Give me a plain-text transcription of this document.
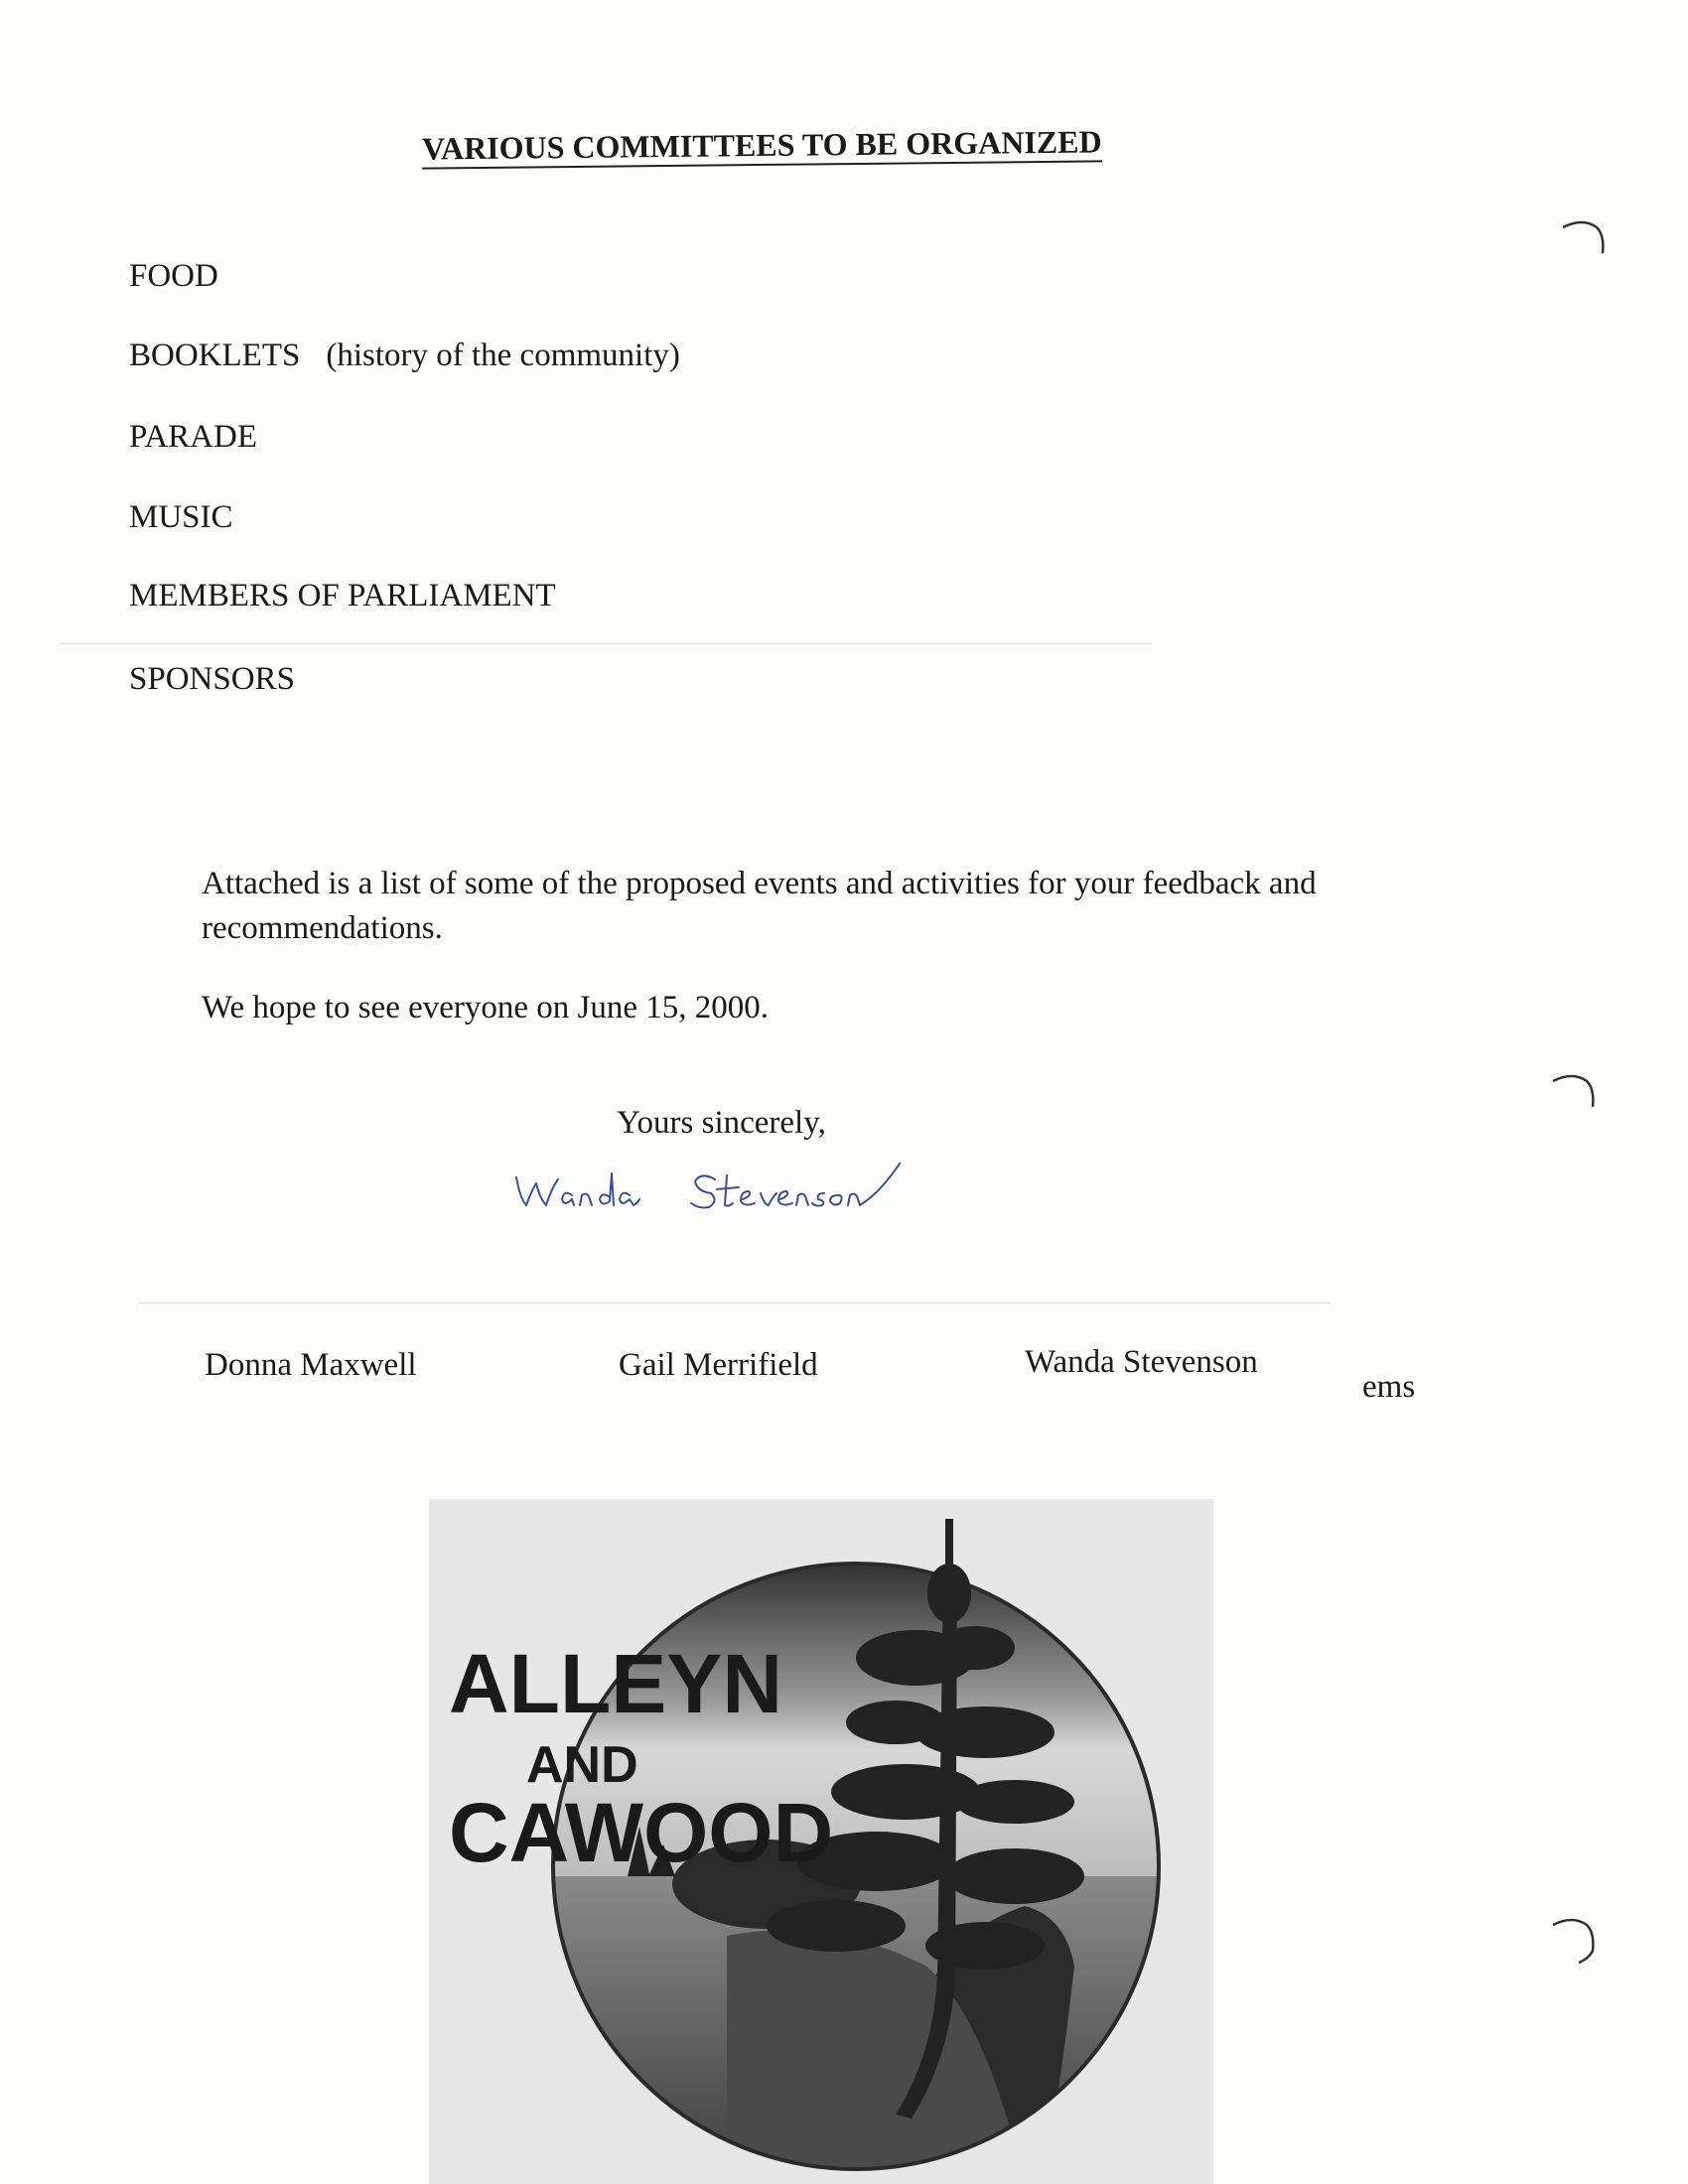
VARIOUS COMMITTEES TO BE ORGANIZED
FOOD
BOOKLETS (history of the community)
PARADE
MUSIC
MEMBERS OF PARLIAMENT
SPONSORS
Attached is a list of some of the proposed events and activities for your feedback and recommendations.
We hope to see everyone on June 15, 2000.
Yours sincerely,
Donna Maxwell	Gail Merrifield	Wanda Stevenson
ems
ALLEYN
AND
CAWOOD
